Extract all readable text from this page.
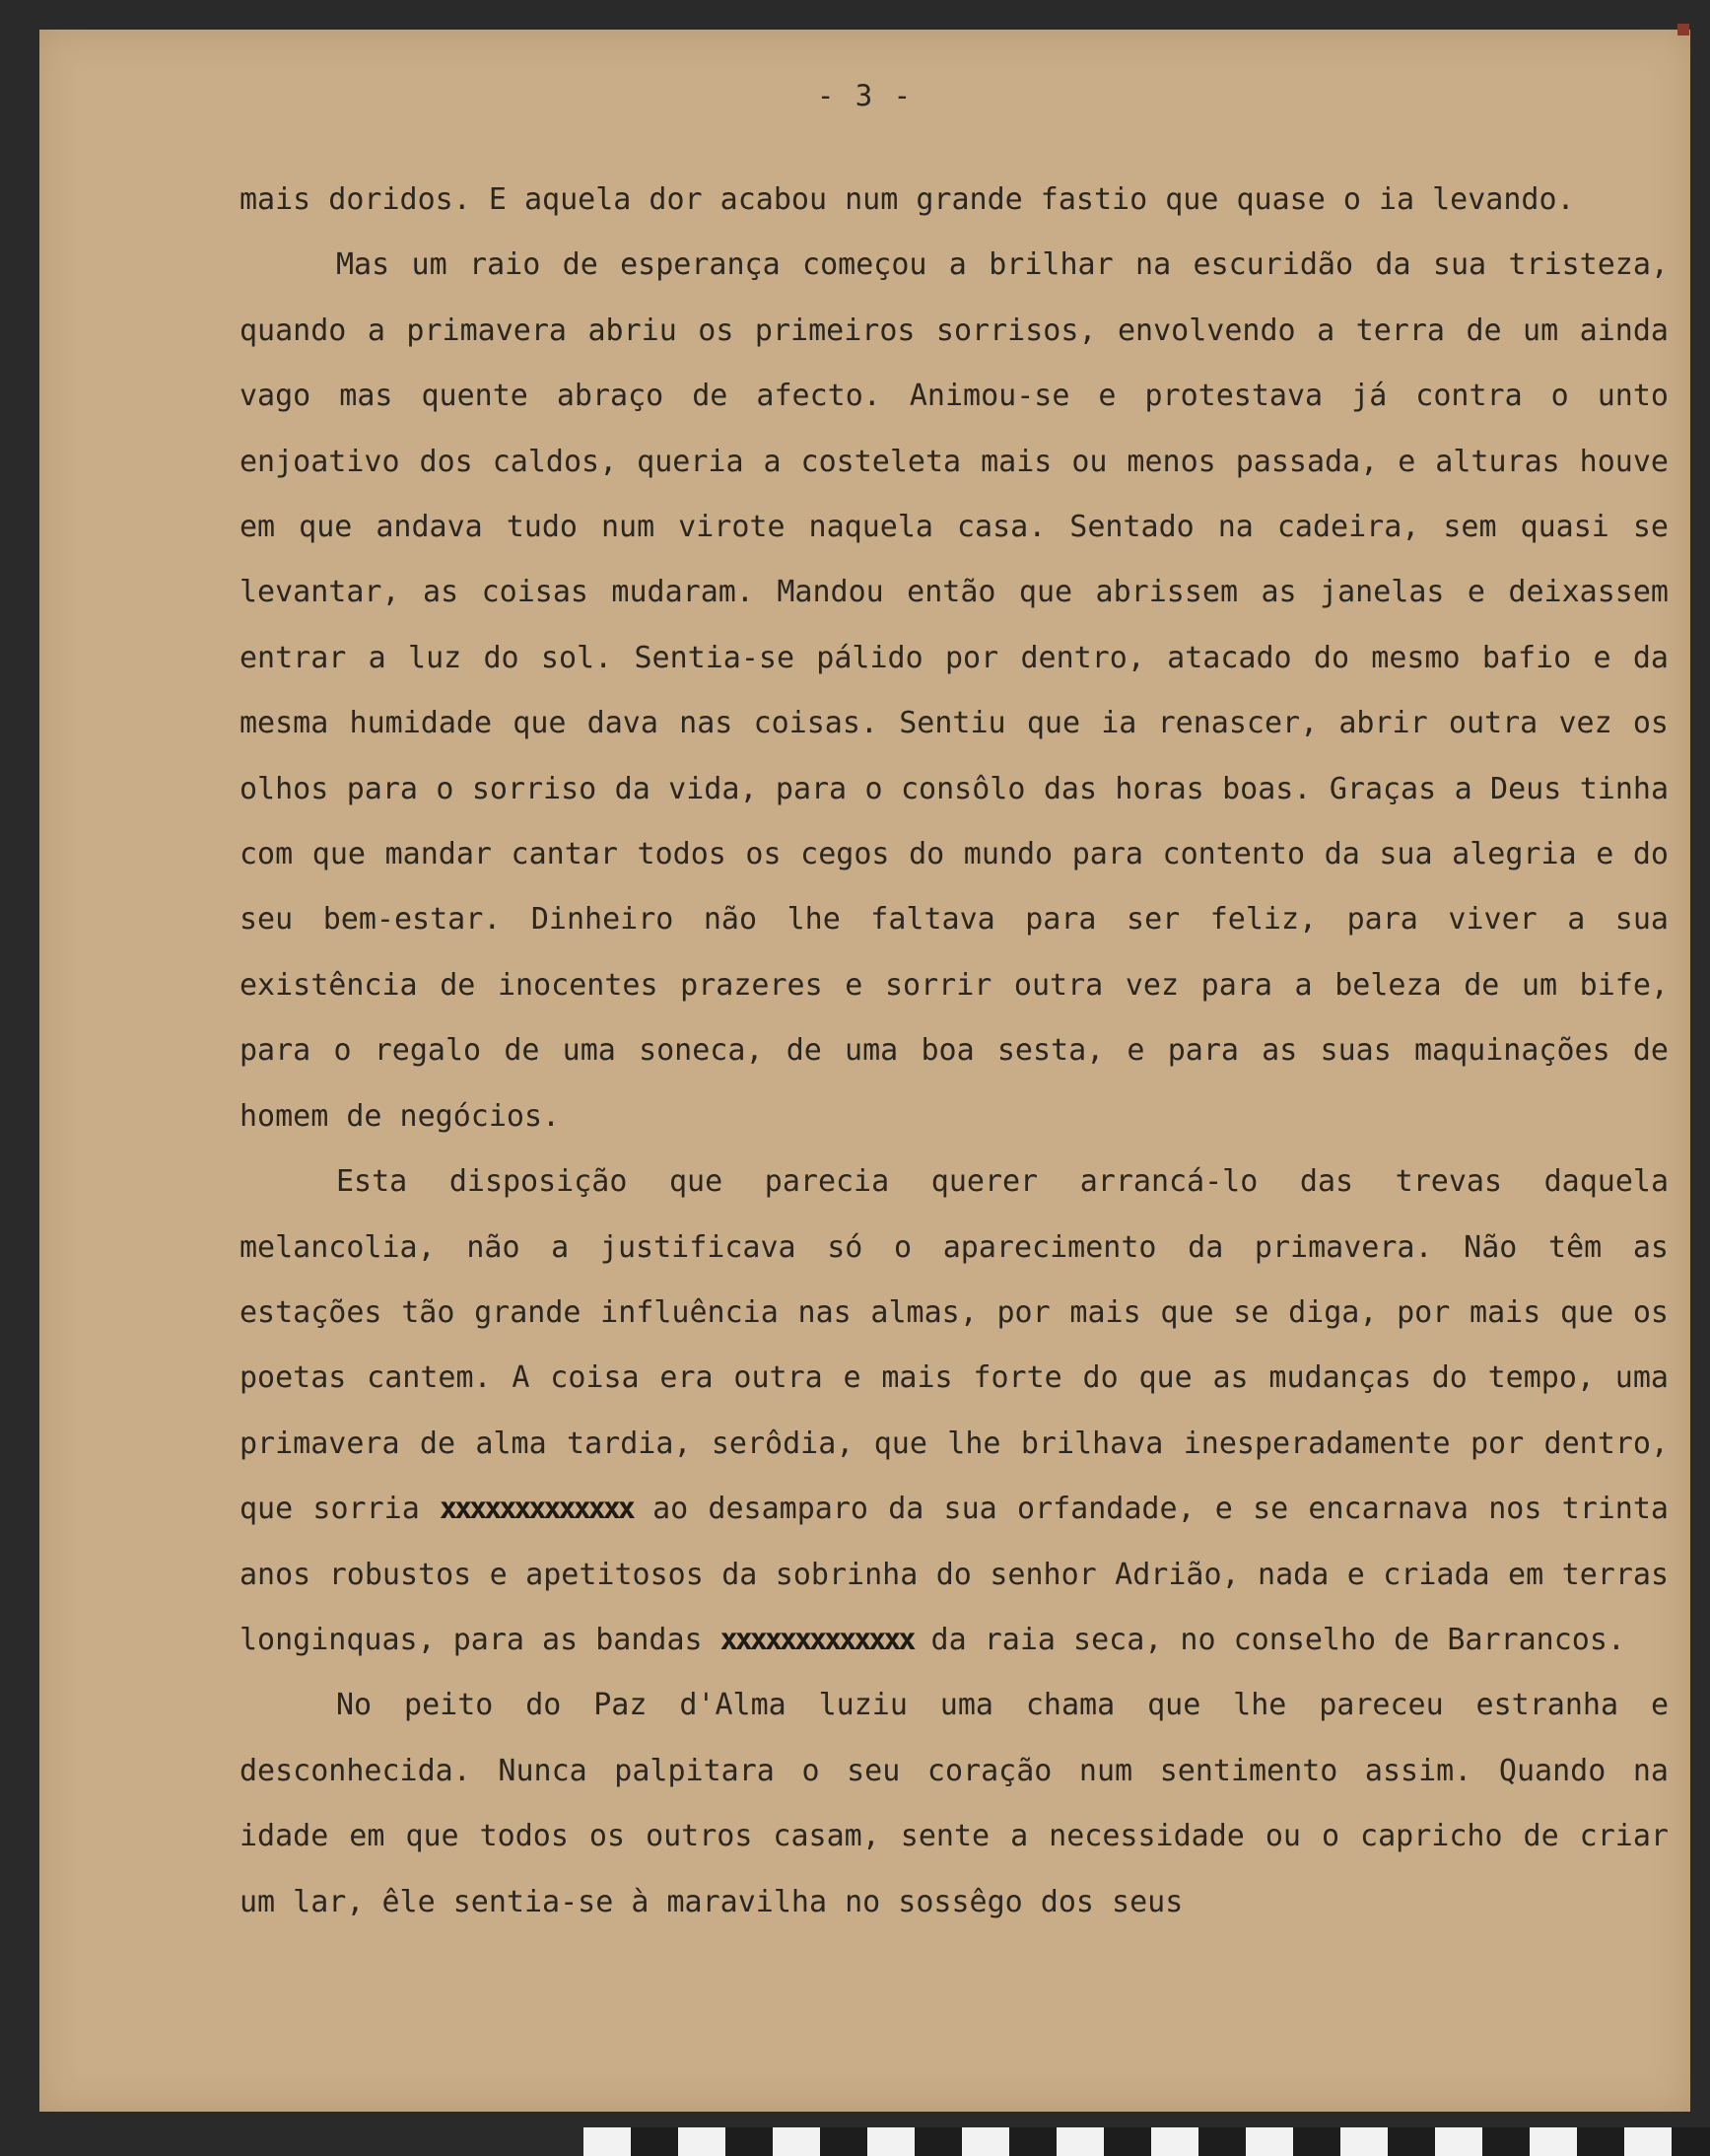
- 3 -

mais doridos. E aquela dor acabou num grande fastio que quase o ia levando.

Mas um raio de esperança começou a brilhar na escuridão da sua tristeza, quando a primavera abriu os primeiros sorrisos, envolvendo a terra de um ainda vago mas quente abraço de afecto. Animou-se e protestava já contra o unto enjoativo dos caldos, queria a costeleta mais ou menos passada, e alturas houve em que andava tudo num virote naquela casa. Sentado na cadeira, sem quasi se levantar, as coisas mudaram. Mandou então que abrissem as janelas e deixassem entrar a luz do sol. Sentia-se pálido por dentro, atacado do mesmo bafio e da mesma humidade que dava nas coisas. Sentiu que ia renascer, abrir outra vez os olhos para o sorriso da vida, para o consôlo das horas boas. Graças a Deus tinha com que mandar cantar todos os cegos do mundo para contento da sua alegria e do seu bem-estar. Dinheiro não lhe faltava para ser feliz, para viver a sua existência de inocentes prazeres e sorrir outra vez para a beleza de um bife, para o regalo de uma soneca, de uma boa sesta, e para as suas maquinações de homem de negócios.

Esta disposição que parecia querer arrancá-lo das trevas daquela melancolia, não a justificava só o aparecimento da primavera. Não têm as estações tão grande influência nas almas, por mais que se diga, por mais que os poetas cantem. A coisa era outra e mais forte do que as mudanças do tempo, uma primavera de alma tardia, serôdia, que lhe brilhava inesperadamente por dentro, que sorria xxxxxxxxxxxxx ao desamparo da sua orfandade, e se encarnava nos trinta anos robustos e apetitosos da sobrinha do senhor Adrião, nada e criada em terras longinquas, para as bandas xxxxxxxxxxxxx da raia seca, no conselho de Barrancos.

No peito do Paz d'Alma luziu uma chama que lhe pareceu estranha e desconhecida. Nunca palpitara o seu coração num sentimento assim. Quando na idade em que todos os outros casam, sente a necessidade ou o capricho de criar um lar, êle sentia-se à maravilha no sossêgo dos seus
